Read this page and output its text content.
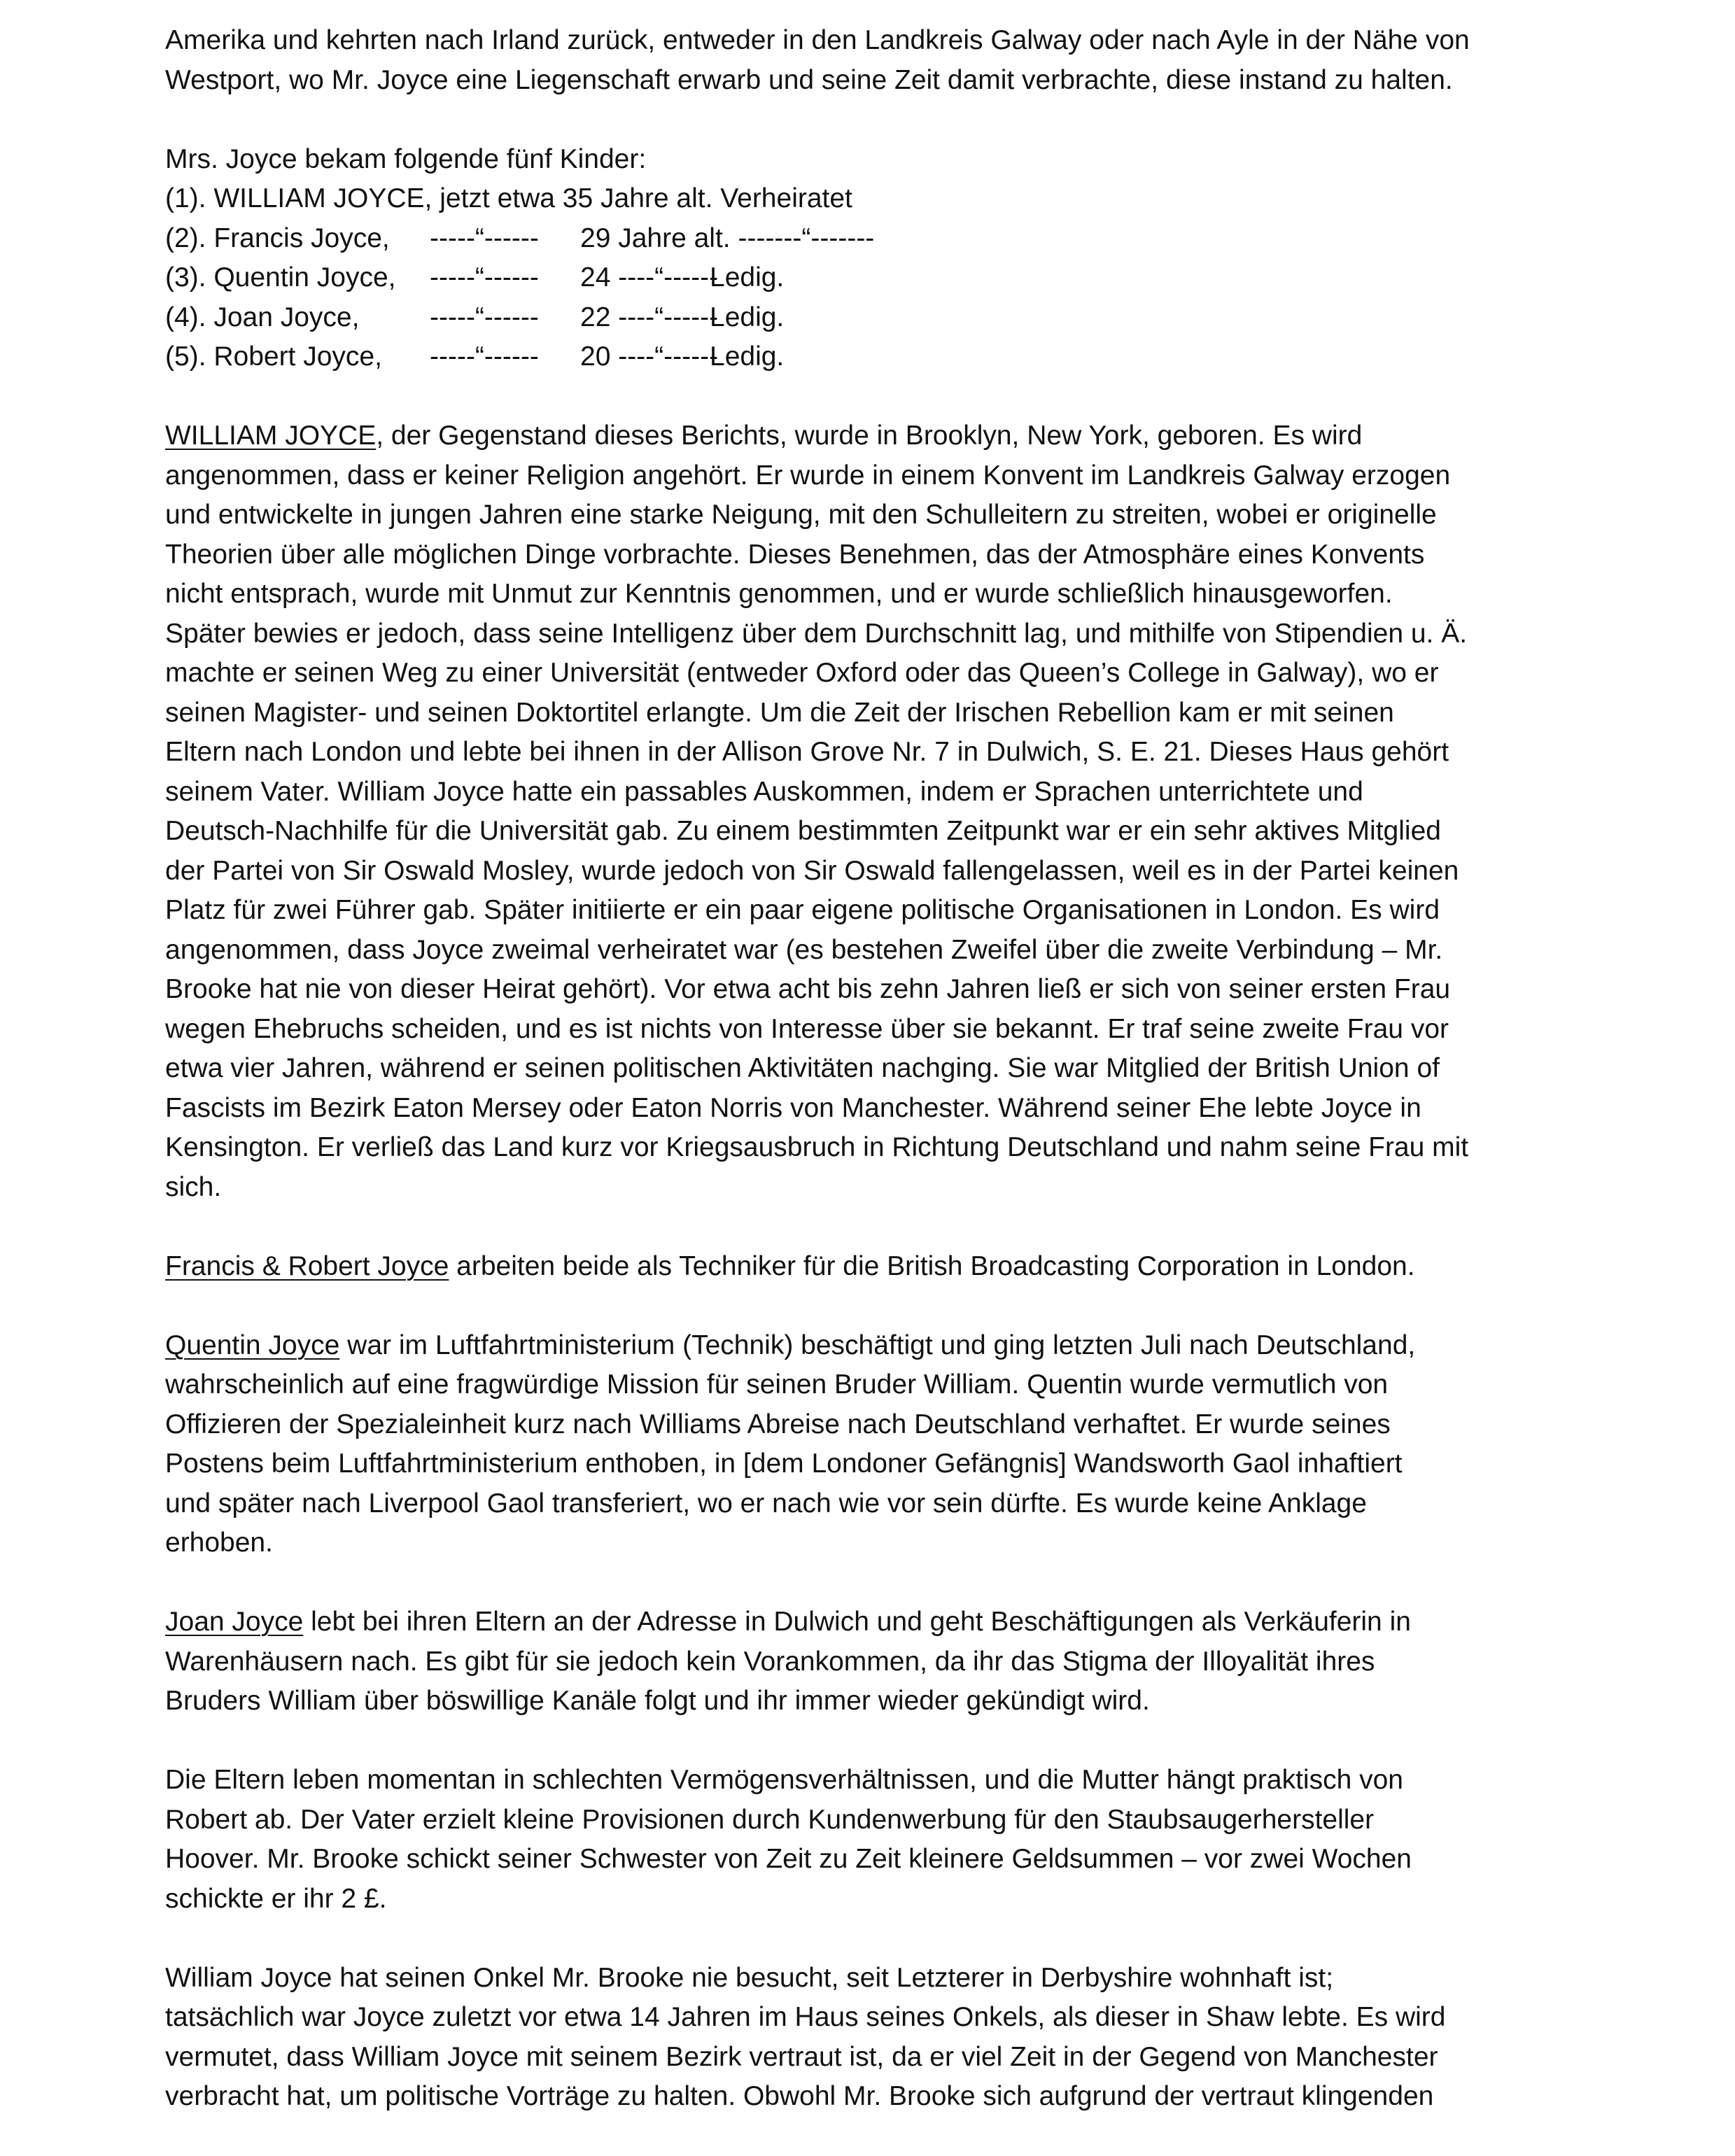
Amerika und kehrten nach Irland zurück, entweder in den Landkreis Galway oder nach Ayle in der Nähe von
Westport, wo Mr. Joyce eine Liegenschaft erwarb und seine Zeit damit verbrachte, diese instand zu halten.
Mrs. Joyce bekam folgende fünf Kinder:
(1). WILLIAM JOYCE, jetzt etwa 35 Jahre alt. Verheiratet
(2). Francis Joyce, -----“------ 29 Jahre alt. -------“-------
(3). Quentin Joyce, -----“------ 24 ----“------Ledig.
(4). Joan Joyce,	-----“------ 22 ----“------Ledig.
(5). Robert Joyce, -----“------ 20 ----“------Ledig.
WILLIAM JOYCE, der Gegenstand dieses Berichts, wurde in Brooklyn, New York, geboren. Es wird
angenommen, dass er keiner Religion angehört. Er wurde in einem Konvent im Landkreis Galway erzogen
und entwickelte in jungen Jahren eine starke Neigung, mit den Schulleitern zu streiten, wobei er originelle
Theorien über alle möglichen Dinge vorbrachte. Dieses Benehmen, das der Atmosphäre eines Konvents
nicht entsprach, wurde mit Unmut zur Kenntnis genommen, und er wurde schließlich hinausgeworfen.
Später bewies er jedoch, dass seine Intelligenz über dem Durchschnitt lag, und mithilfe von Stipendien u. Ä.
machte er seinen Weg zu einer Universität (entweder Oxford oder das Queen’s College in Galway), wo er
seinen Magister- und seinen Doktortitel erlangte. Um die Zeit der Irischen Rebellion kam er mit seinen
Eltern nach London und lebte bei ihnen in der Allison Grove Nr. 7 in Dulwich, S. E. 21. Dieses Haus gehört
seinem Vater. William Joyce hatte ein passables Auskommen, indem er Sprachen unterrichtete und
Deutsch-Nachhilfe für die Universität gab. Zu einem bestimmten Zeitpunkt war er ein sehr aktives Mitglied
der Partei von Sir Oswald Mosley, wurde jedoch von Sir Oswald fallengelassen, weil es in der Partei keinen
Platz für zwei Führer gab. Später initiierte er ein paar eigene politische Organisationen in London. Es wird
angenommen, dass Joyce zweimal verheiratet war (es bestehen Zweifel über die zweite Verbindung – Mr.
Brooke hat nie von dieser Heirat gehört). Vor etwa acht bis zehn Jahren ließ er sich von seiner ersten Frau
wegen Ehebruchs scheiden, und es ist nichts von Interesse über sie bekannt. Er traf seine zweite Frau vor
etwa vier Jahren, während er seinen politischen Aktivitäten nachging. Sie war Mitglied der British Union of
Fascists im Bezirk Eaton Mersey oder Eaton Norris von Manchester. Während seiner Ehe lebte Joyce in
Kensington. Er verließ das Land kurz vor Kriegsausbruch in Richtung Deutschland und nahm seine Frau mit
sich.
Francis & Robert Joyce arbeiten beide als Techniker für die British Broadcasting Corporation in London.
Quentin Joyce war im Luftfahrtministerium (Technik) beschäftigt und ging letzten Juli nach Deutschland,
wahrscheinlich auf eine fragwürdige Mission für seinen Bruder William. Quentin wurde vermutlich von
Offizieren der Spezialeinheit kurz nach Williams Abreise nach Deutschland verhaftet. Er wurde seines
Postens beim Luftfahrtministerium enthoben, in [dem Londoner Gefängnis] Wandsworth Gaol inhaftiert
und später nach Liverpool Gaol transferiert, wo er nach wie vor sein dürfte. Es wurde keine Anklage
erhoben.
Joan Joyce lebt bei ihren Eltern an der Adresse in Dulwich und geht Beschäftigungen als Verkäuferin in
Warenhäusern nach. Es gibt für sie jedoch kein Vorankommen, da ihr das Stigma der Illoyalität ihres
Bruders William über böswillige Kanäle folgt und ihr immer wieder gekündigt wird.
Die Eltern leben momentan in schlechten Vermögensverhältnissen, und die Mutter hängt praktisch von
Robert ab. Der Vater erzielt kleine Provisionen durch Kundenwerbung für den Staubsaugerhersteller
Hoover. Mr. Brooke schickt seiner Schwester von Zeit zu Zeit kleinere Geldsummen – vor zwei Wochen
schickte er ihr 2 £.
William Joyce hat seinen Onkel Mr. Brooke nie besucht, seit Letzterer in Derbyshire wohnhaft ist;
tatsächlich war Joyce zuletzt vor etwa 14 Jahren im Haus seines Onkels, als dieser in Shaw lebte. Es wird
vermutet, dass William Joyce mit seinem Bezirk vertraut ist, da er viel Zeit in der Gegend von Manchester
verbracht hat, um politische Vorträge zu halten. Obwohl Mr. Brooke sich aufgrund der vertraut klingenden
